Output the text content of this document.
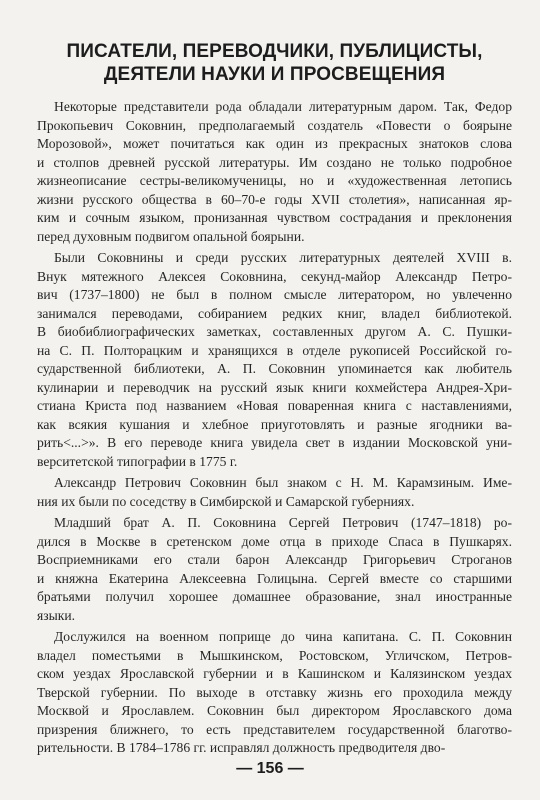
ПИСАТЕЛИ, ПЕРЕВОДЧИКИ, ПУБЛИЦИСТЫ,
ДЕЯТЕЛИ НАУКИ И ПРОСВЕЩЕНИЯ

Некоторые представители рода обладали литературным даром. Так, Федор
Прокопьевич Соковнин, предполагаемый создатель «Повести о боярыне
Морозовой», может почитаться как один из прекрасных знатоков слова
и столпов древней русской литературы. Им создано не только подробное
жизнеописание сестры-великомученицы, но и «художественная летопись
жизни русского общества в 60–70-е годы XVII столетия», написанная яр-
ким и сочным языком, пронизанная чувством сострадания и преклонения
перед духовным подвигом опальной боярыни.

Были Соковнины и среди русских литературных деятелей XVIII в.
Внук мятежного Алексея Соковнина, секунд-майор Александр Петро-
вич (1737–1800) не был в полном смысле литератором, но увлеченно
занимался переводами, собиранием редких книг, владел библиотекой.
В биобиблиографических заметках, составленных другом А. С. Пушки-
на С. П. Полторацким и хранящихся в отделе рукописей Российской го-
сударственной библиотеки, А. П. Соковнин упоминается как любитель
кулинарии и переводчик на русский язык книги кохмейстера Андрея-Хри-
стиана Криста под названием «Новая поваренная книга с наставлениями,
как всякия кушания и хлебное приуготовлять и разные ягодники ва-
рить<...>». В его переводе книга увидела свет в издании Московской уни-
верситетской типографии в 1775 г.

Александр Петрович Соковнин был знаком с Н. М. Карамзиным. Имe-
ния их были по соседству в Симбирской и Самарской губерниях.

Младший брат А. П. Соковнина Сергей Петрович (1747–1818) ро-
дился в Москве в сретенском доме отца в приходе Спаса в Пушкарях.
Восприемниками его стали барон Александр Григорьевич Строганов
и княжна Екатерина Алексеевна Голицына. Сергей вместе со старшими
братьями получил хорошее домашнее образование, знал иностранные
языки.

Дослужился на военном поприще до чина капитана. С. П. Соковнин
владел поместьями в Мышкинском, Ростовском, Угличском, Петров-
ском уездах Ярославской губернии и в Кашинском и Калязинском уездах
Тверской губернии. По выходе в отставку жизнь его проходила между
Москвой и Ярославлем. Соковнин был директором Ярославского дома
призрения ближнего, то есть представителем государственной благотво-
рительности. В 1784–1786 гг. исправлял должность предводителя дво-

— 156 —
